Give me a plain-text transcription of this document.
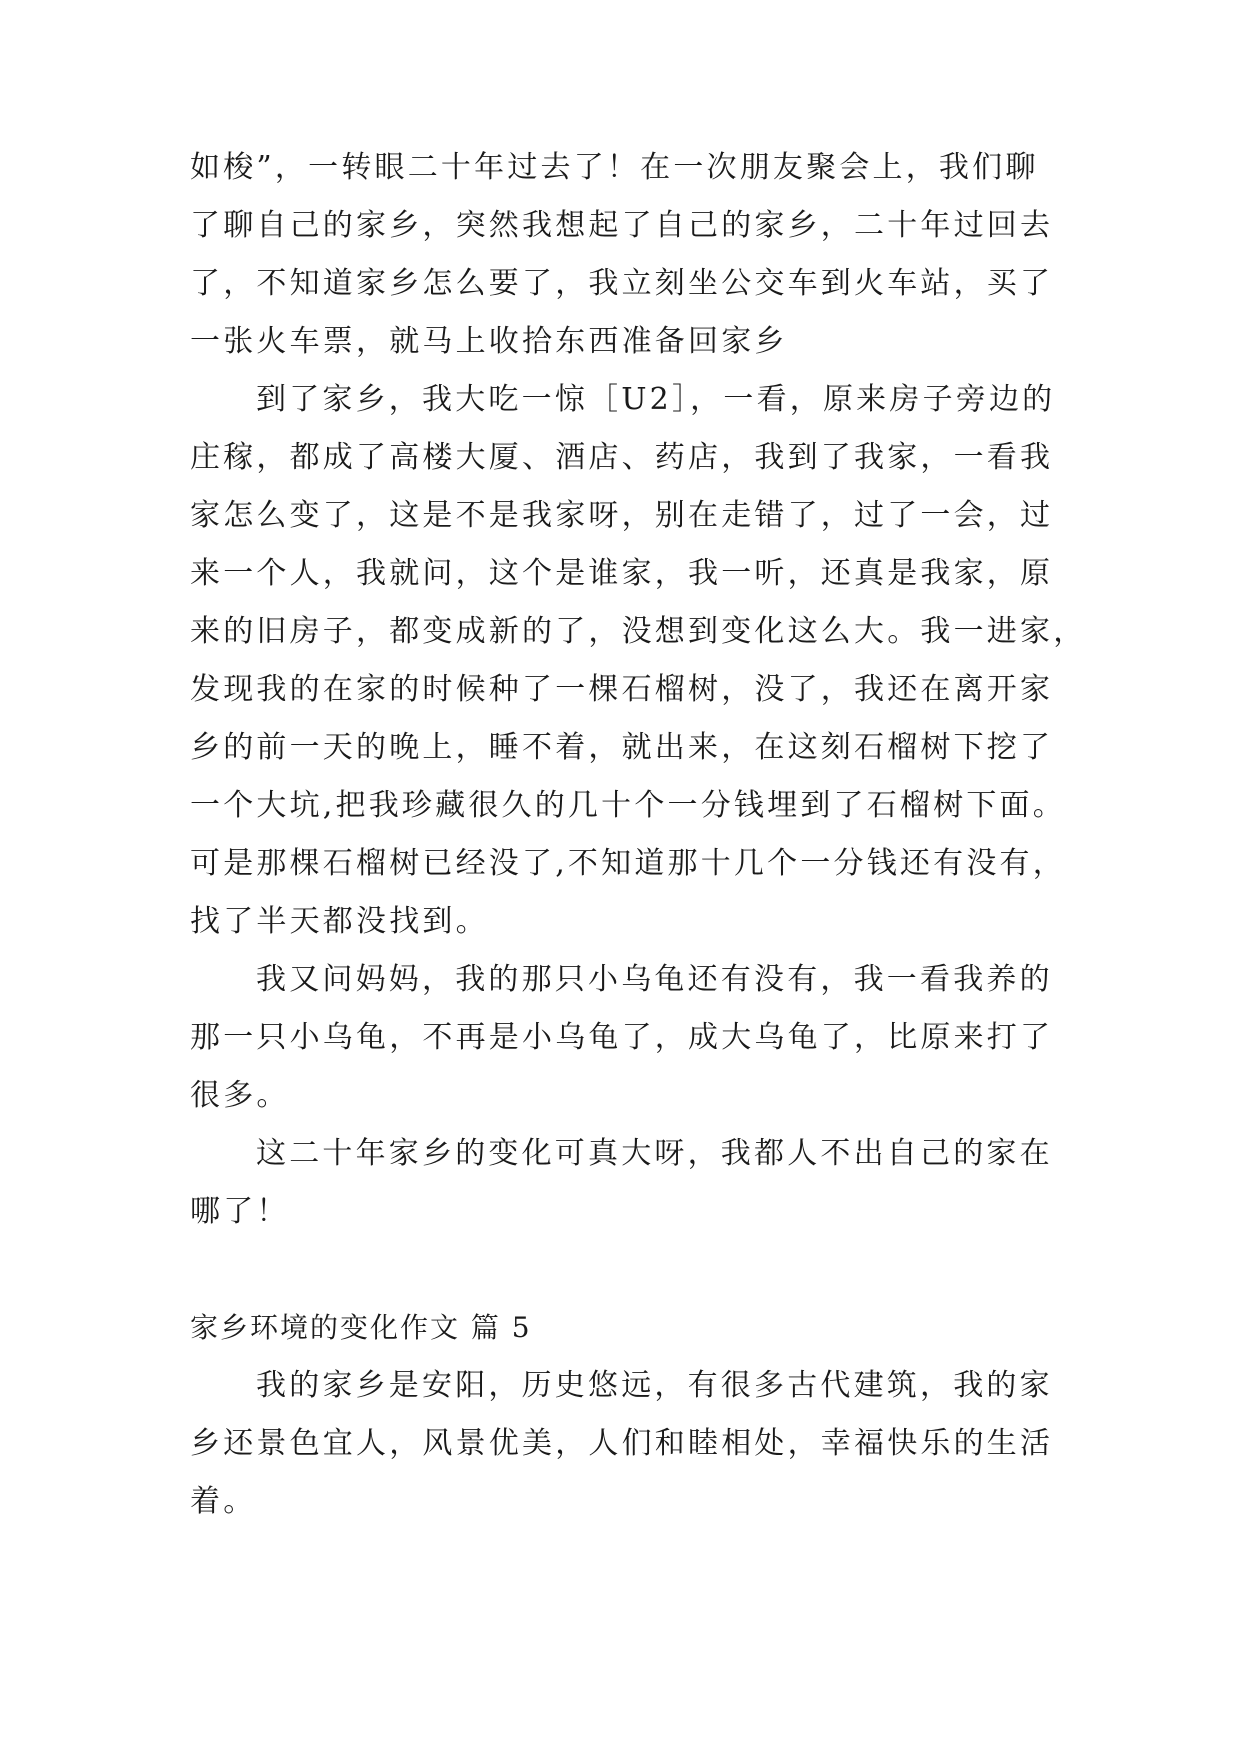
如梭”，一转眼二十年过去了！在一次朋友聚会上，我们聊
了聊自己的家乡，突然我想起了自己的家乡，二十年过回去
了，不知道家乡怎么要了，我立刻坐公交车到火车站，买了
一张火车票，就马上收拾东西准备回家乡
到了家乡，我大吃一惊［U2］，一看，原来房子旁边的
庄稼，都成了高楼大厦、酒店、药店，我到了我家，一看我
家怎么变了，这是不是我家呀，别在走错了，过了一会，过
来一个人，我就问，这个是谁家，我一听，还真是我家，原
来的旧房子，都变成新的了，没想到变化这么大。我一进家，
发现我的在家的时候种了一棵石榴树，没了，我还在离开家
乡的前一天的晚上，睡不着，就出来，在这刻石榴树下挖了
一个大坑,把我珍藏很久的几十个一分钱埋到了石榴树下面。
可是那棵石榴树已经没了,不知道那十几个一分钱还有没有，
找了半天都没找到。
我又问妈妈，我的那只小乌龟还有没有，我一看我养的
那一只小乌龟，不再是小乌龟了，成大乌龟了，比原来打了
很多。
这二十年家乡的变化可真大呀，我都人不出自己的家在
哪了！
家乡环境的变化作文 篇 5
我的家乡是安阳，历史悠远，有很多古代建筑，我的家
乡还景色宜人，风景优美，人们和睦相处，幸福快乐的生活
着。
